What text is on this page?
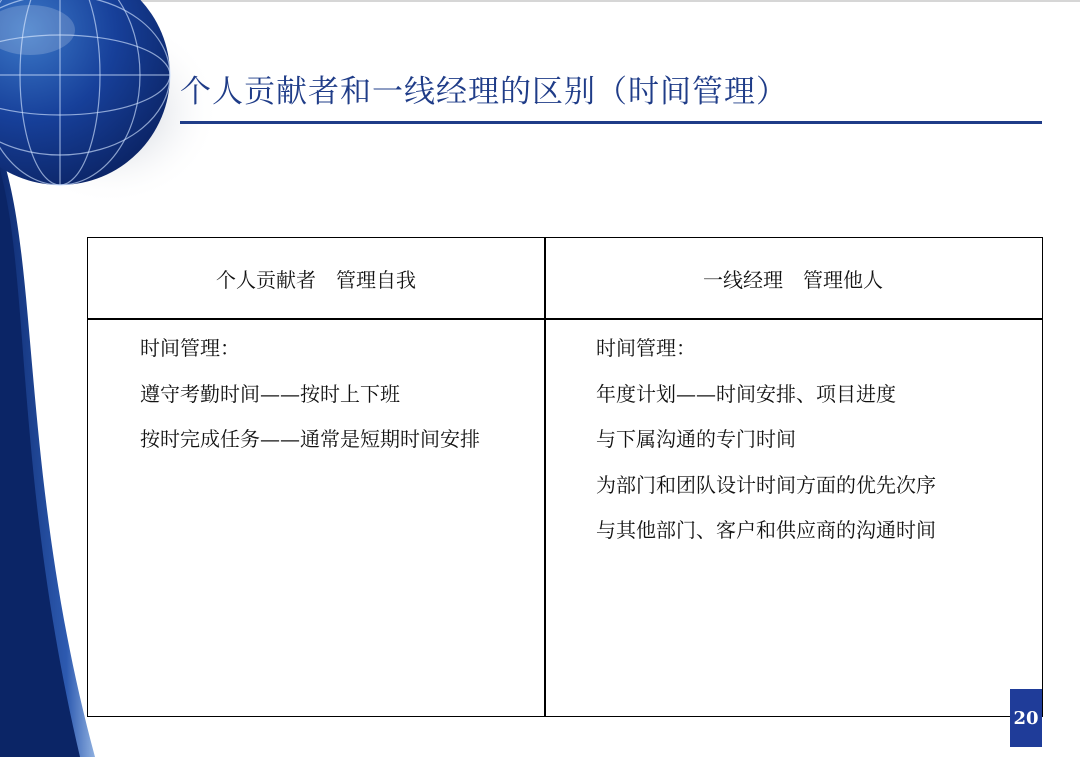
个人贡献者和一线经理的区别（时间管理）
个人贡献者　管理自我	一线经理　管理他人
时间管理：
遵守考勤时间——按时上下班
按时完成任务——通常是短期时间安排
时间管理：
年度计划——时间安排、项目进度
与下属沟通的专门时间
为部门和团队设计时间方面的优先次序
与其他部门、客户和供应商的沟通时间
20
